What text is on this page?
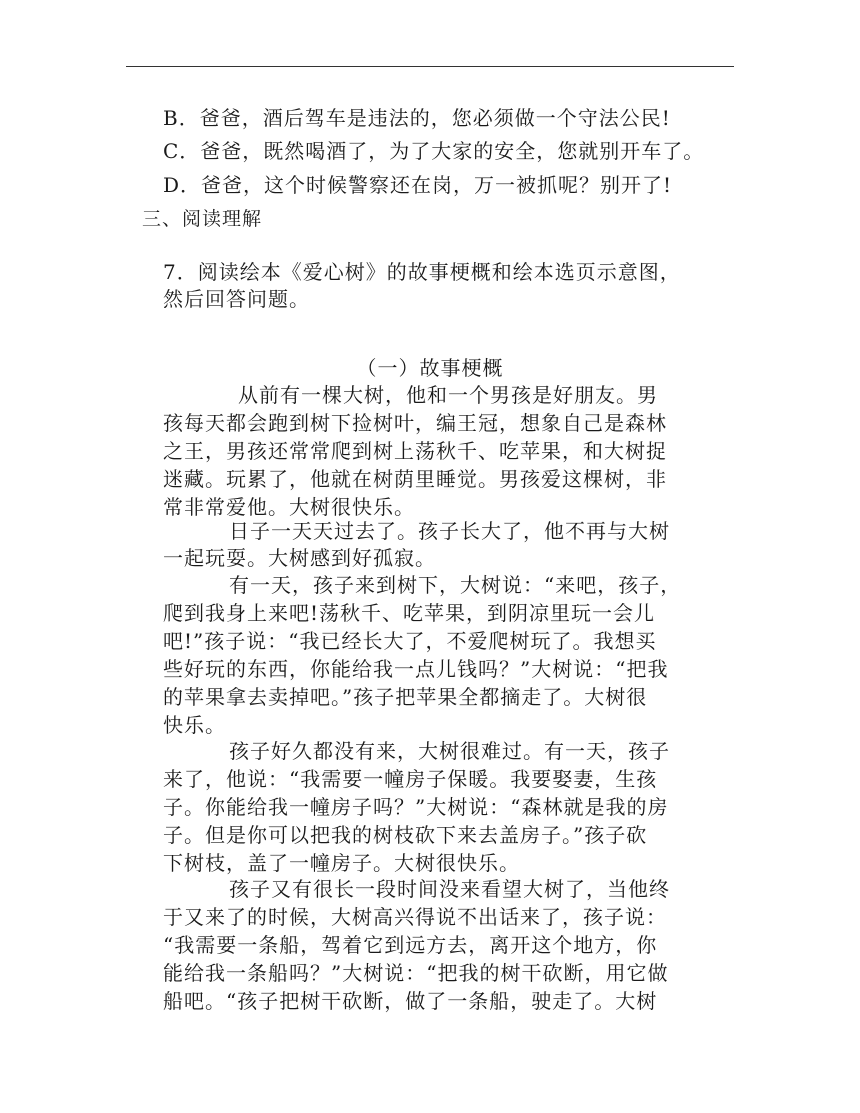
B．爸爸，酒后驾车是违法的，您必须做一个守法公民!
C．爸爸，既然喝酒了，为了大家的安全，您就别开车了。
D．爸爸，这个时候警察还在岗，万一被抓呢？别开了!
三、阅读理解
7．阅读绘本《爱心树》的故事梗概和绘本选页示意图，
然后回答问题。
（一）故事梗概
从前有一棵大树，他和一个男孩是好朋友。男
孩每天都会跑到树下捡树叶，编王冠，想象自己是森林
之王，男孩还常常爬到树上荡秋千、吃苹果，和大树捉
迷藏。玩累了，他就在树荫里睡觉。男孩爱这棵树，非
常非常爱他。大树很快乐。
日子一天天过去了。孩子长大了，他不再与大树
一起玩耍。大树感到好孤寂。
有一天，孩子来到树下，大树说：“来吧，孩子，
爬到我身上来吧!荡秋千、吃苹果，到阴凉里玩一会儿
吧!”孩子说：“我已经长大了，不爱爬树玩了。我想买
些好玩的东西，你能给我一点儿钱吗？”大树说：“把我
的苹果拿去卖掉吧。”孩子把苹果全都摘走了。大树很
快乐。
孩子好久都没有来，大树很难过。有一天，孩子
来了，他说：“我需要一幢房子保暖。我要娶妻，生孩
子。你能给我一幢房子吗？”大树说：“森林就是我的房
子。但是你可以把我的树枝砍下来去盖房子。”孩子砍
下树枝，盖了一幢房子。大树很快乐。
孩子又有很长一段时间没来看望大树了，当他终
于又来了的时候，大树高兴得说不出话来了，孩子说：
“我需要一条船，驾着它到远方去，离开这个地方，你
能给我一条船吗？”大树说：“把我的树干砍断，用它做
船吧。“孩子把树干砍断，做了一条船，驶走了。大树
